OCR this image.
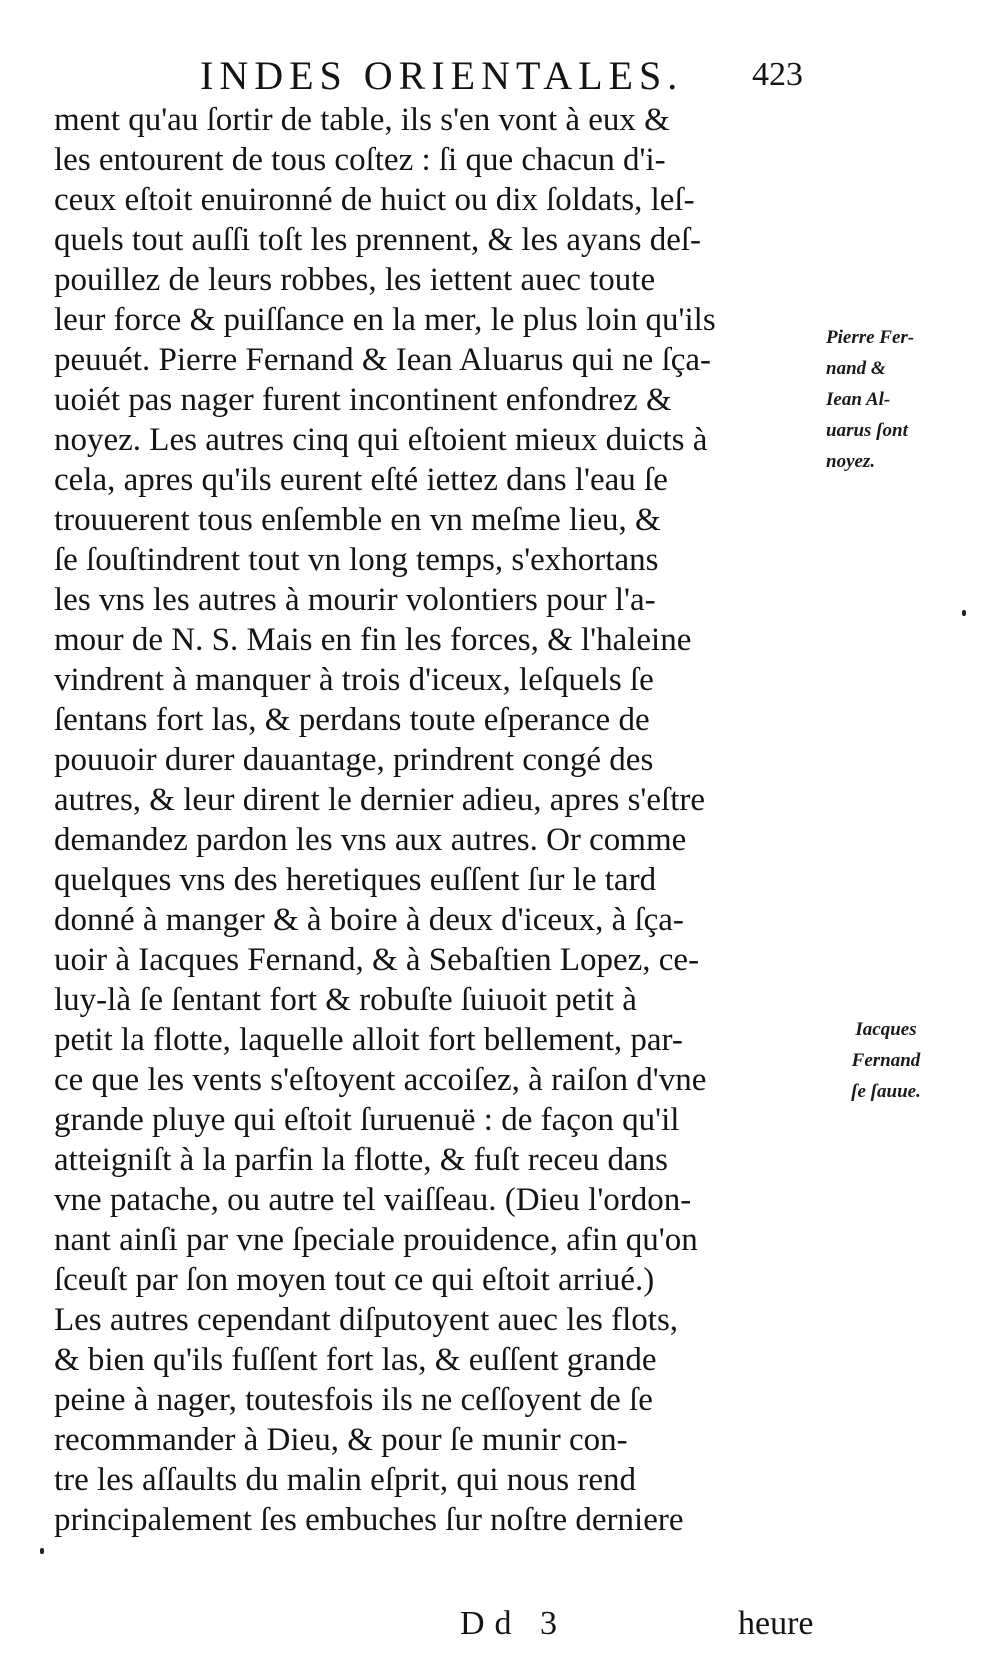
INDES ORIENTALES. 423
ment qu'au ſortir de table, ils s'en vont à eux &
les entourent de tous coſtez : ſi que chacun d'i-
ceux eſtoit enuironné de huict ou dix ſoldats, leſ-
quels tout auſſi toſt les prennent, & les ayans deſ-
pouillez de leurs robbes, les iettent auec toute
leur force & puiſſance en la mer, le plus loin qu'ils
peuuét. Pierre Fernand & Iean Aluarus qui ne ſça-
uoiét pas nager furent incontinent enfondrez &
noyez. Les autres cinq qui eſtoient mieux duicts à
cela, apres qu'ils eurent eſté iettez dans l'eau ſe
trouuerent tous enſemble en vn meſme lieu, &
ſe ſouſtindrent tout vn long temps, s'exhortans
les vns les autres à mourir volontiers pour l'a-
mour de N. S. Mais en fin les forces, & l'haleine
vindrent à manquer à trois d'iceux, leſquels ſe
ſentans fort las, & perdans toute eſperance de
pouuoir durer dauantage, prindrent congé des
autres, & leur dirent le dernier adieu, apres s'eſtre
demandez pardon les vns aux autres. Or comme
quelques vns des heretiques euſſent ſur le tard
donné à manger & à boire à deux d'iceux, à ſça-
uoir à Iacques Fernand, & à Sebaſtien Lopez, ce-
luy-là ſe ſentant fort & robuſte ſuiuoit petit à
petit la flotte, laquelle alloit fort bellement, par-
ce que les vents s'eſtoyent accoiſez, à raiſon d'vne
grande pluye qui eſtoit ſuruenuë : de façon qu'il
atteigniſt à la parfin la flotte, & fuſt receu dans
vne patache, ou autre tel vaiſſeau. (Dieu l'ordon-
nant ainſi par vne ſpeciale prouidence, afin qu'on
ſceuſt par ſon moyen tout ce qui eſtoit arriué.)
Les autres cependant diſputoyent auec les flots,
& bien qu'ils fuſſent fort las, & euſſent grande
peine à nager, toutesfois ils ne ceſſoyent de ſe
recommander à Dieu, & pour ſe munir con-
tre les aſſaults du malin eſprit, qui nous rend
principalement ſes embuches ſur noſtre derniere
Pierre Fer-
nand &
Iean Al-
uarus ſont
noyez.
Iacques
Fernand
ſe ſauue.
Dd 3	heure
